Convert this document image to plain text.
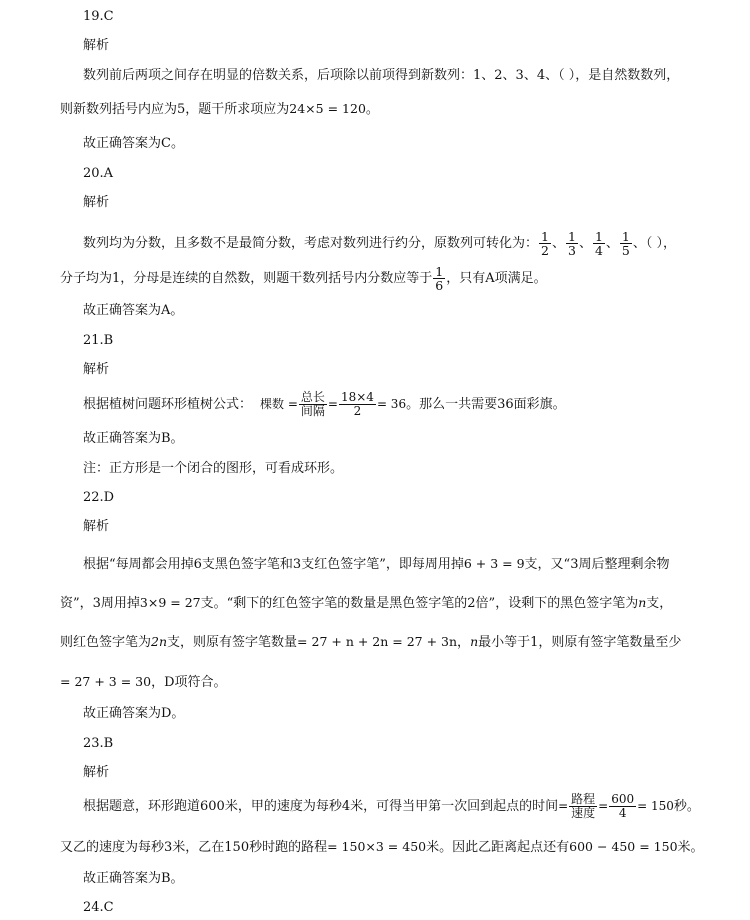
19.C
解析
数列前后两项之间存在明显的倍数关系，后项除以前项得到新数列：1、2、3、4、（ ），是自然数数列，
则新数列括号内应为5，题干所求项应为24×5 = 120。
故正确答案为C。
20.A
解析
数列均为分数，且多数不是最简分数，考虑对数列进行约分，原数列可转化为： $\frac{1}{2}$ 、 $\frac{1}{3}$ 、 $\frac{1}{4}$ 、 $\frac{1}{5}$ 、（ ），
分子均为1，分母是连续的自然数，则题干数列括号内分数应等于 $\frac{1}{6}$ ，只有A项满足。
故正确答案为A。
21.B
解析
根据植树问题环形植树公式： 棵数 = $\frac{\text{总长}}{\text{间隔}} = \frac{18\times 4}{2} = 36$。那么一共需要36面彩旗。
故正确答案为B。
注：正方形是一个闭合的图形，可看成环形。
22.D
解析
根据“每周都会用掉6支黑色签字笔和3支红色签字笔”，即每周用掉6 + 3 = 9支，又“3周后整理剩余物
资”，3周用掉3×9 = 27支。“剩下的红色签字笔的数量是黑色签字笔的2倍”，设剩下的黑色签字笔为n支，
则红色签字笔为2n支，则原有签字笔数量= 27 + n + 2n = 27 + 3n，n最小等于1，则原有签字笔数量至少
= 27 + 3 = 30，D项符合。
故正确答案为D。
23.B
解析
根据题意，环形跑道600米，甲的速度为每秒4米，可得当甲第一次回到起点的时间= $\frac{\text{路程}}{\text{速度}} = \frac{600}{4} = 150$秒。
又乙的速度为每秒3米，乙在150秒时跑的路程= 150×3 = 450米。因此乙距离起点还有600 − 450 = 150米。
故正确答案为B。
24.C
